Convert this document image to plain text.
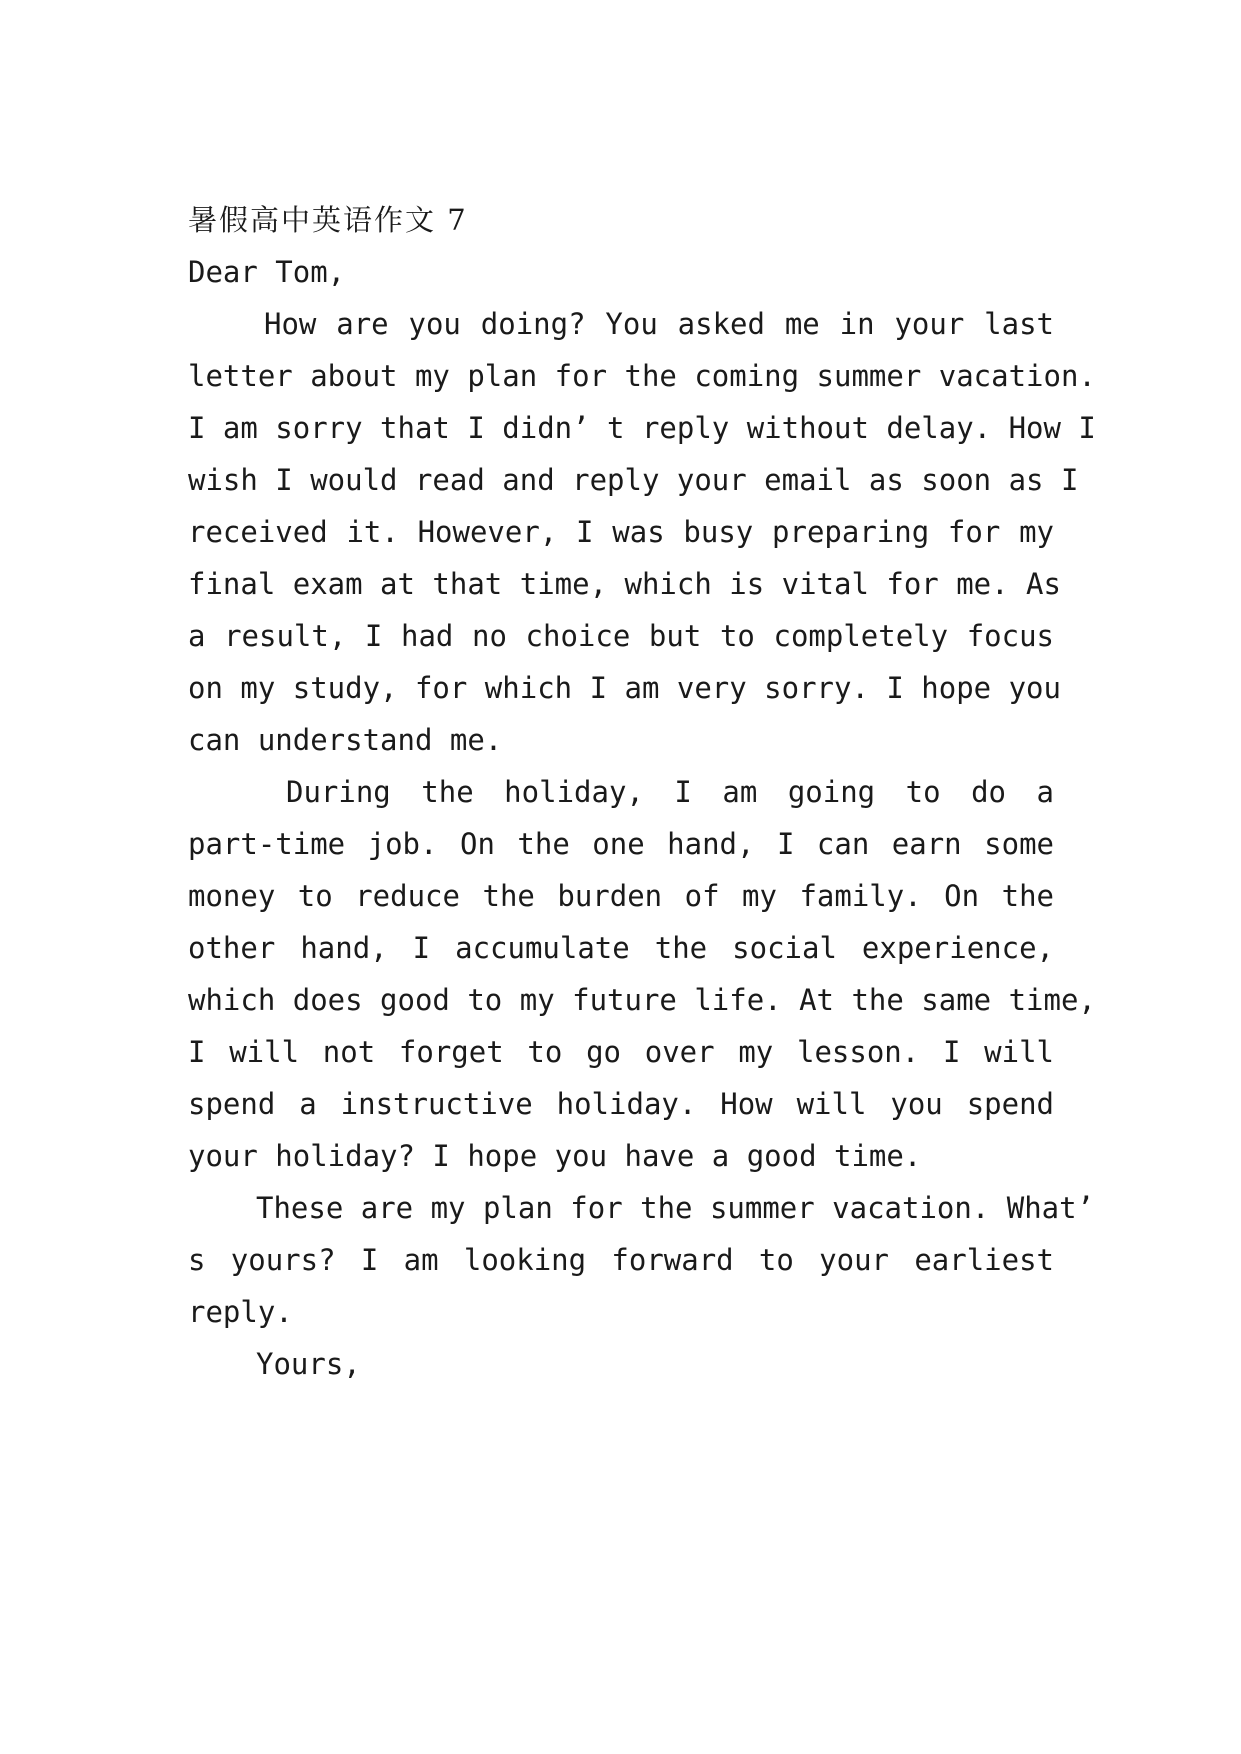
暑假高中英语作文 7
Dear Tom,
How are you doing? You asked me in your last
letter about my plan for the coming summer vacation.
I am sorry that I didn’ t reply without delay. How I
wish I would read and reply your email as soon as I
received it. However, I was busy preparing for my
final exam at that time, which is vital for me. As
a result, I had no choice but to completely focus
on my study, for which I am very sorry. I hope you
can understand me.
During the holiday, I am going to do a
part-time job. On the one hand, I can earn some
money to reduce the burden of my family. On the
other hand, I accumulate the social experience,
which does good to my future life. At the same time,
I will not forget to go over my lesson. I will
spend a instructive holiday. How will you spend
your holiday? I hope you have a good time.
These are my plan for the summer vacation. What’
s yours? I am looking forward to your earliest
reply.
Yours,
